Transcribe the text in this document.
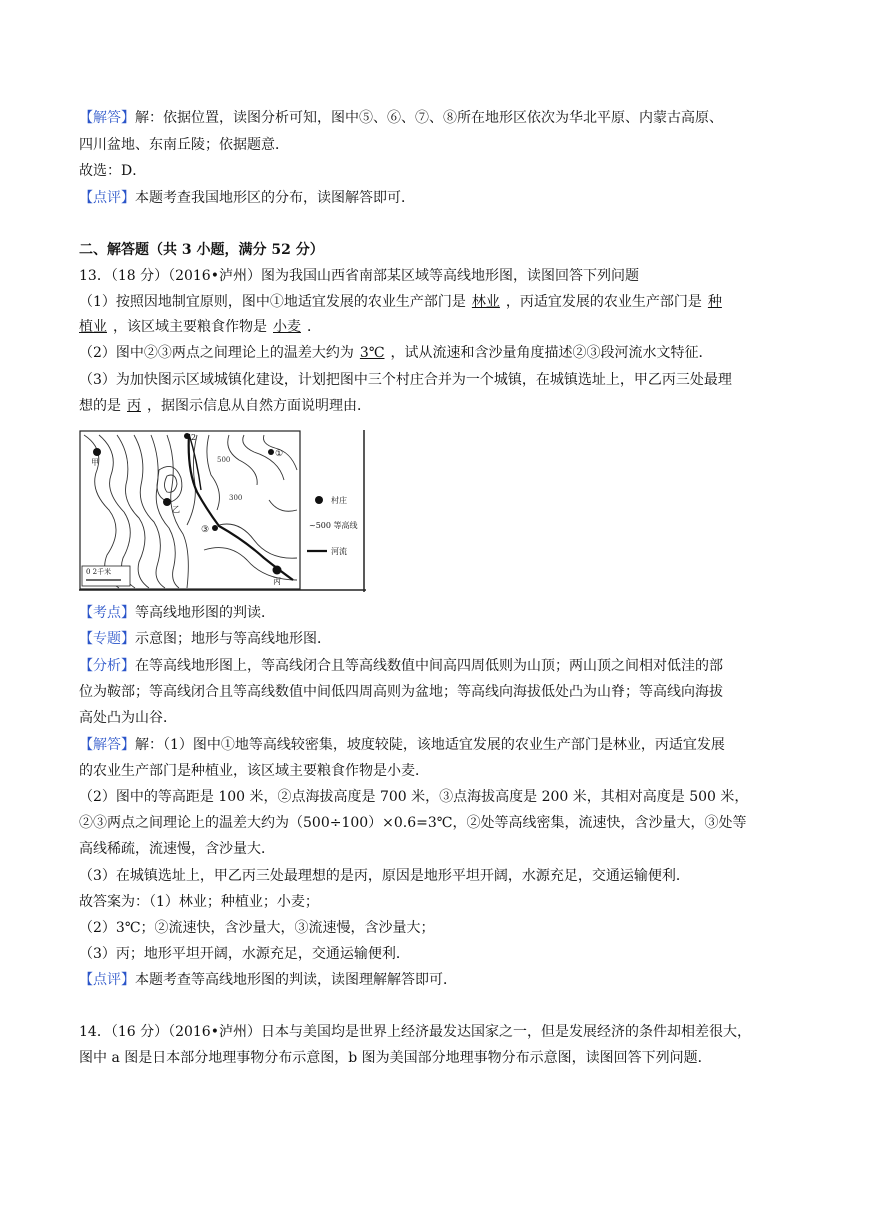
【解答】解：依据位置，读图分析可知，图中⑤、⑥、⑦、⑧所在地形区依次为华北平原、内蒙古高原、
四川盆地、东南丘陵；依据题意．
故选：D．
【点评】本题考查我国地形区的分布，读图解答即可．
二、解答题（共 3 小题，满分 52 分）
13．（18 分）（2016•泸州）图为我国山西省南部某区域等高线地形图，读图回答下列问题
（1）按照因地制宜原则，图中①地适宜发展的农业生产部门是 林业 ，丙适宜发展的农业生产部门是 种
植业 ，该区域主要粮食作物是 小麦 ．
（2）图中②③两点之间理论上的温差大约为 3℃ ，试从流速和含沙量角度描述②③段河流水文特征．
（3）为加快图示区域城镇化建设，计划把图中三个村庄合并为一个城镇，在城镇选址上，甲乙丙三处最理
想的是 丙 ，据图示信息从自然方面说明理由．
甲
乙
丙
2
①
③
500
300	村庄
~500 等高线
河流
0 2千米
【考点】等高线地形图的判读．
【专题】示意图；地形与等高线地形图．
【分析】在等高线地形图上，等高线闭合且等高线数值中间高四周低则为山顶；两山顶之间相对低洼的部
位为鞍部；等高线闭合且等高线数值中间低四周高则为盆地；等高线向海拔低处凸为山脊；等高线向海拔
高处凸为山谷．
【解答】解：（1）图中①地等高线较密集，坡度较陡，该地适宜发展的农业生产部门是林业，丙适宜发展
的农业生产部门是种植业，该区域主要粮食作物是小麦．
（2）图中的等高距是 100 米，②点海拔高度是 700 米，③点海拔高度是 200 米，其相对高度是 500 米，
②③两点之间理论上的温差大约为（500÷100）×0.6=3℃，②处等高线密集，流速快，含沙量大，③处等
高线稀疏，流速慢，含沙量大．
（3）在城镇选址上，甲乙丙三处最理想的是丙，原因是地形平坦开阔，水源充足，交通运输便利．
故答案为：（1）林业；种植业；小麦；
（2）3℃；②流速快，含沙量大，③流速慢，含沙量大；
（3）丙；地形平坦开阔，水源充足，交通运输便利．
【点评】本题考查等高线地形图的判读，读图理解解答即可．
14．（16 分）（2016•泸州）日本与美国均是世界上经济最发达国家之一，但是发展经济的条件却相差很大，
图中 a 图是日本部分地理事物分布示意图，b 图为美国部分地理事物分布示意图，读图回答下列问题．
